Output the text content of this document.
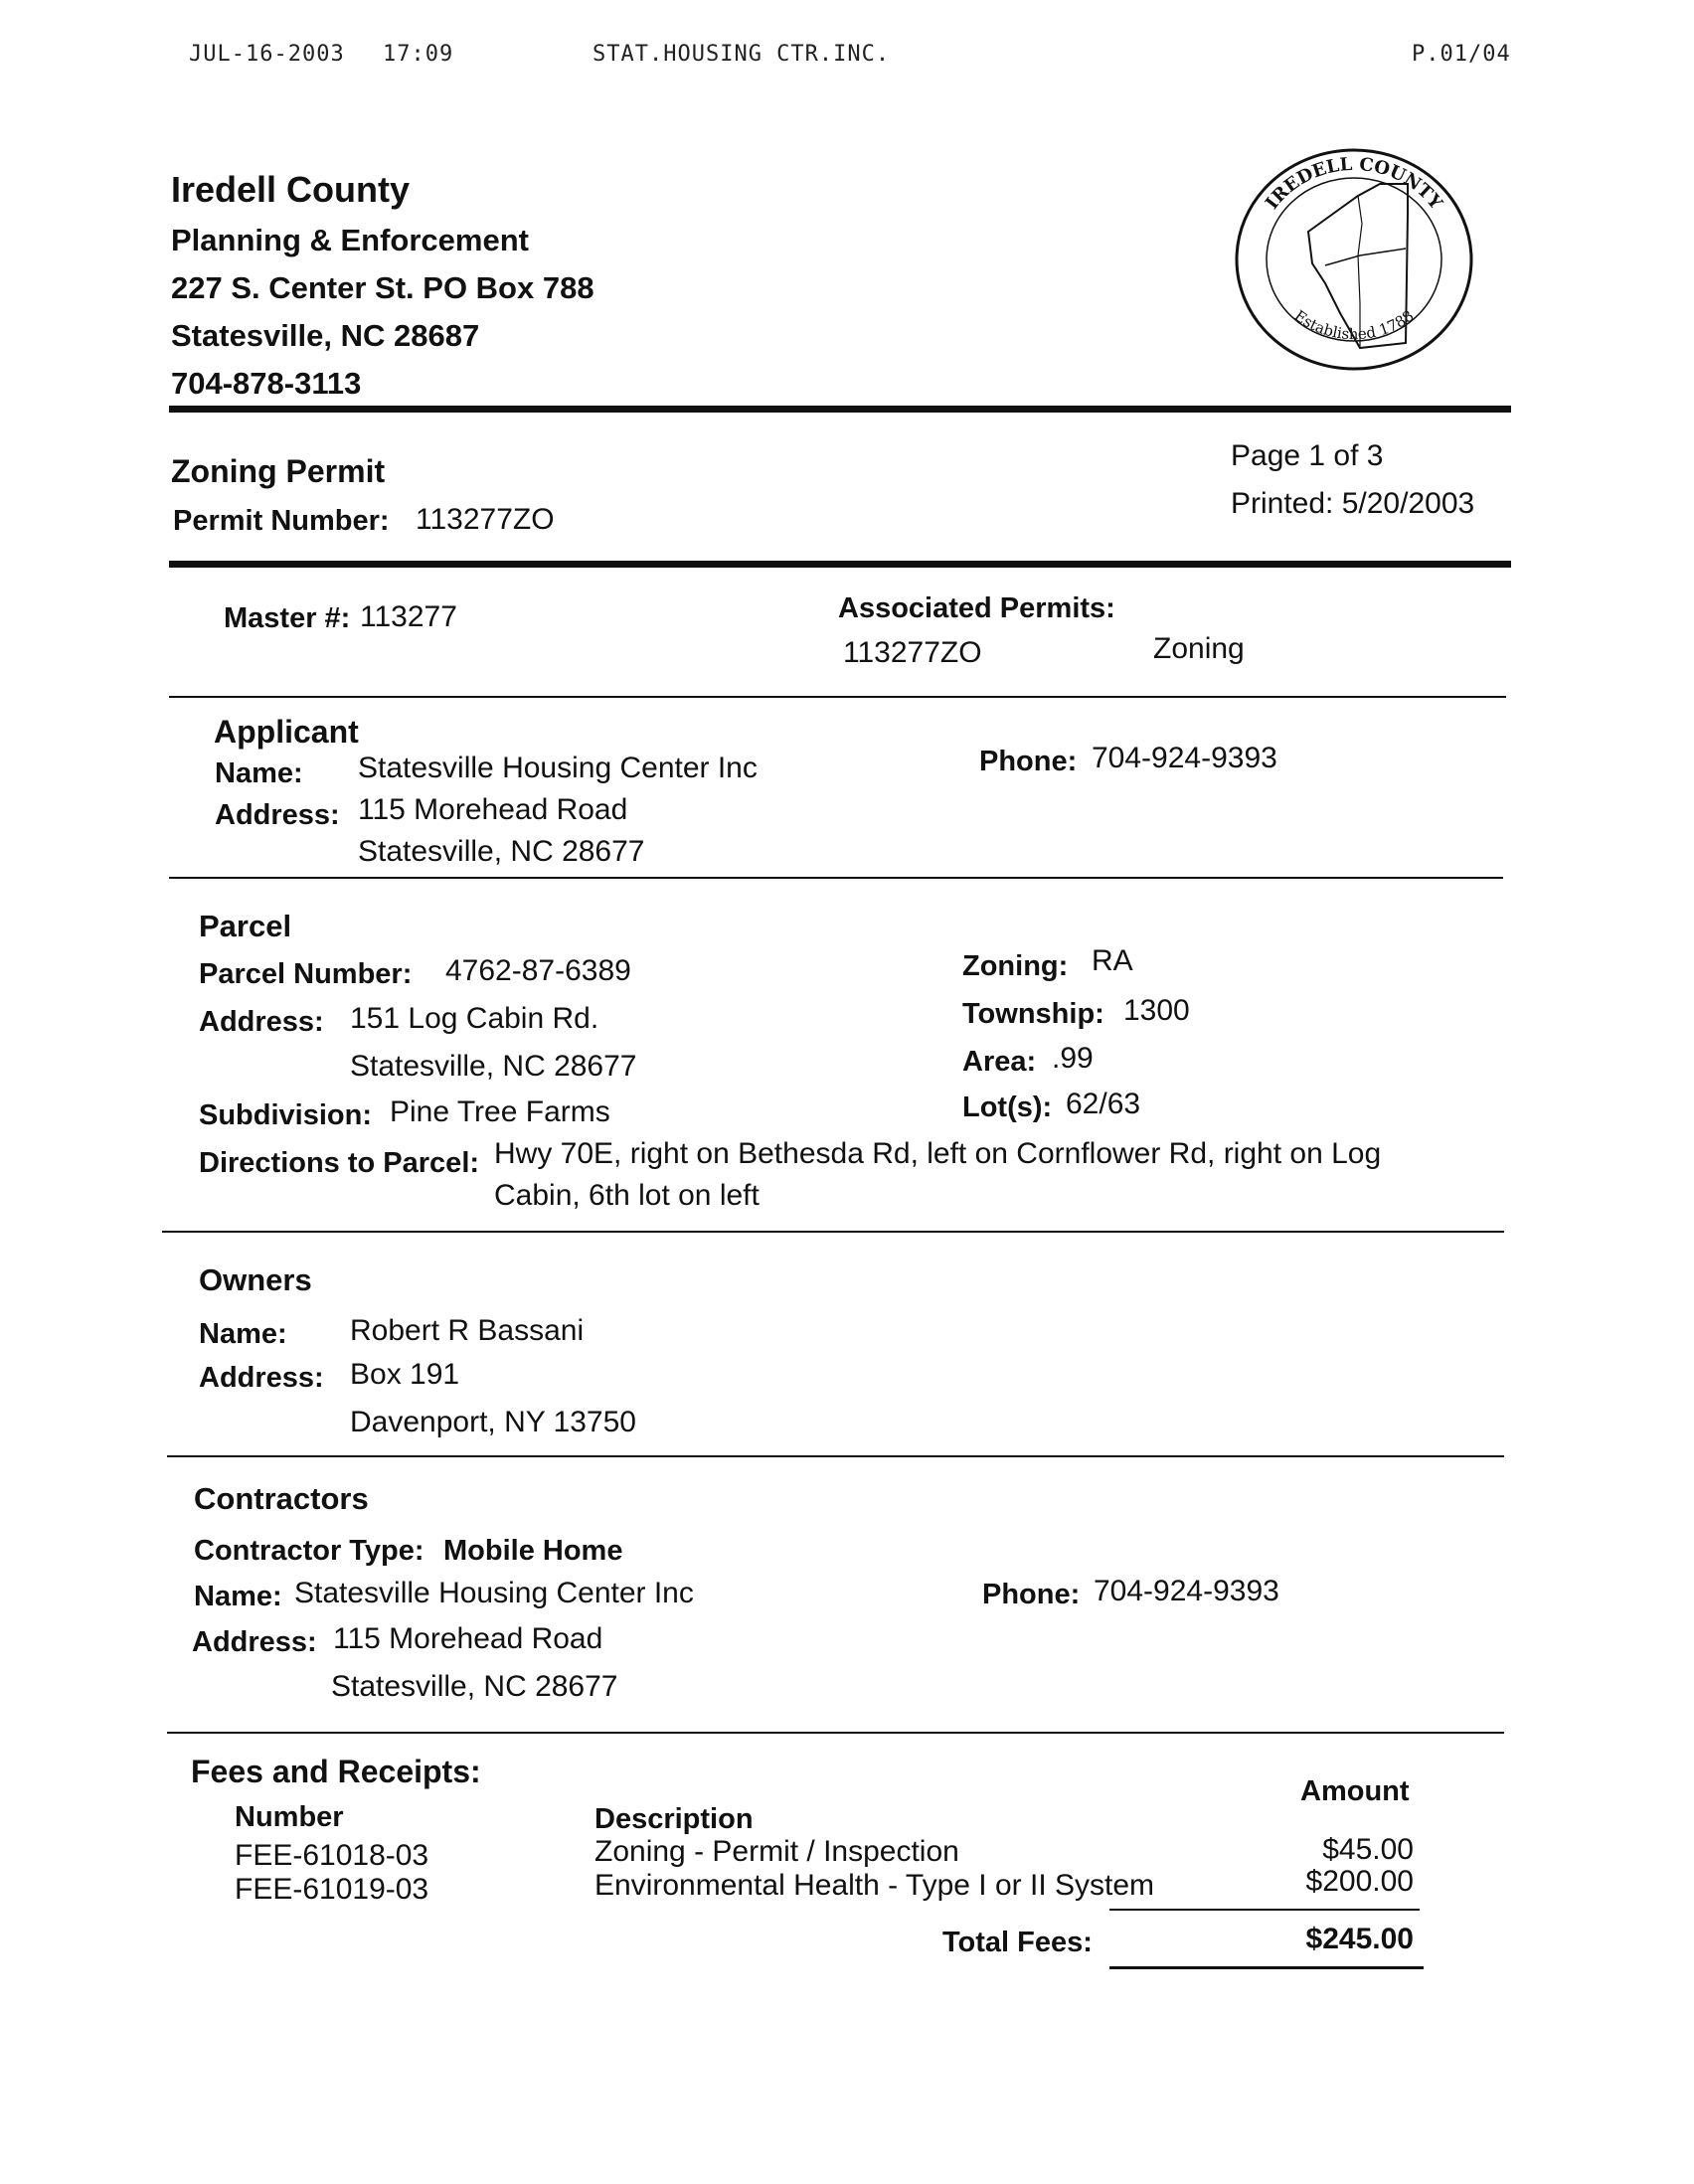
JUL-16-2003 17:09	STAT.HOUSING CTR.INC.	P.01/04
Iredell County
Planning & Enforcement
227 S. Center St. PO Box 788
Statesville, NC 28687
704-878-3113
IREDELL COUNTY
Established 1788
Zoning Permit
Permit Number: 113277ZO
Page 1 of 3
Printed: 5/20/2003
Master #: 113277	Associated Permits:
113277ZO	Zoning
Applicant
Name: Statesville Housing Center Inc
Address: 115 Morehead Road
Statesville, NC 28677
Phone: 704-924-9393
Parcel
Parcel Number: 4762-87-6389
Address: 151 Log Cabin Rd.
Statesville, NC 28677
Subdivision: Pine Tree Farms
Zoning: RA
Township: 1300
Area: .99
Lot(s): 62/63
Directions to Parcel: Hwy 70E, right on Bethesda Rd, left on Cornflower Rd, right on Log
Cabin, 6th lot on left
Owners
Name: Robert R Bassani
Address: Box 191
Davenport, NY 13750
Contractors
Contractor Type: Mobile Home
Name: Statesville Housing Center Inc
Address: 115 Morehead Road
Statesville, NC 28677
Phone: 704-924-9393
Fees and Receipts:
Number	Description
Amount
FEE-61018-03	Zoning - Permit / Inspection	$45.00
FEE-61019-03	Environmental Health - Type I or II System	$200.00
Total Fees:	$245.00
